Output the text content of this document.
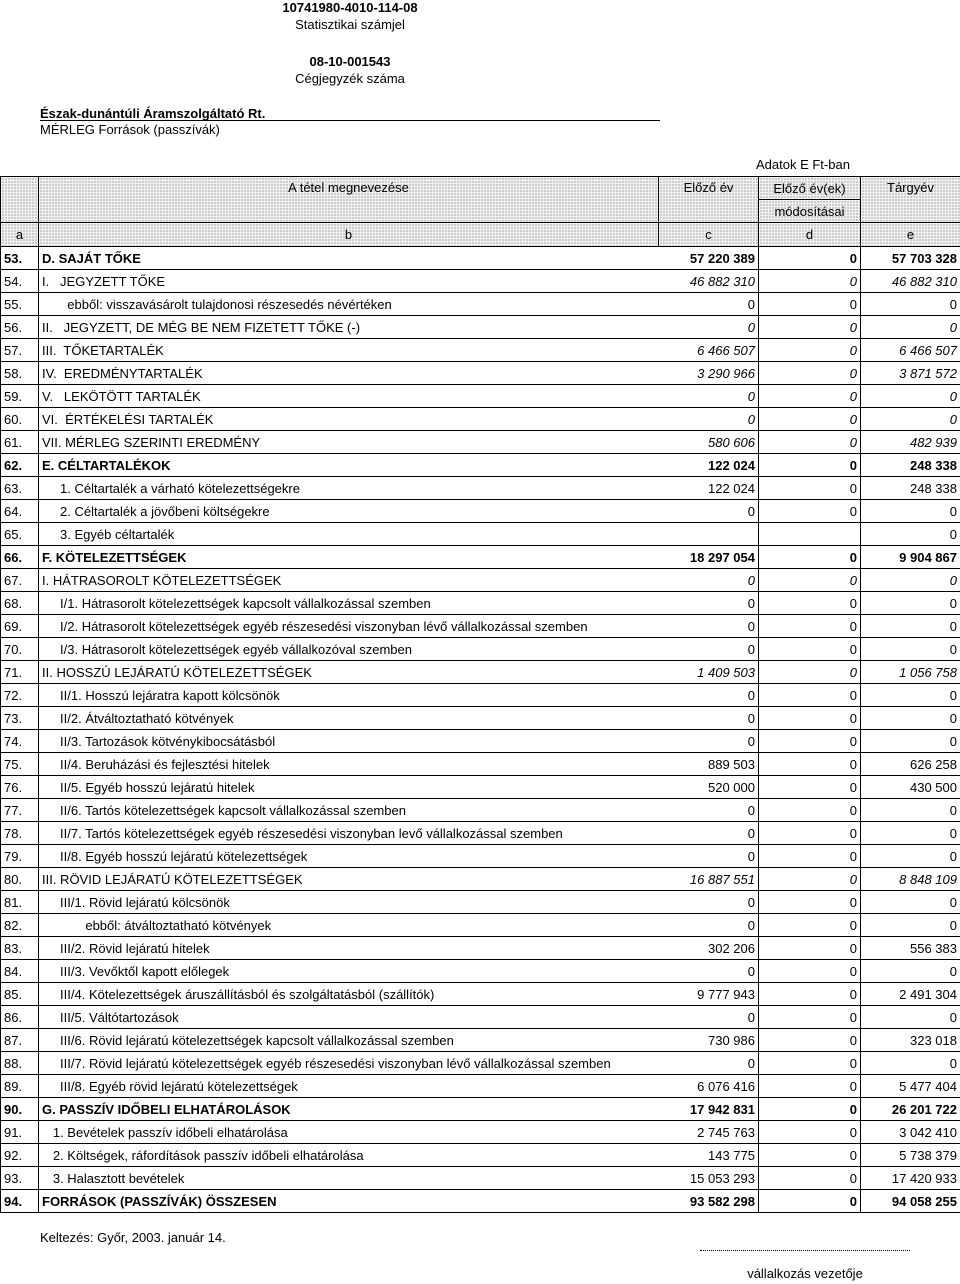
10741980-4010-114-08
Statisztikai számjel
08-10-001543
Cégjegyzék száma
Észak-dunántúli Áramszolgáltató Rt.
MÉRLEG Források (passzívák)
Adatok E Ft-ban
	A tétel megnevezése	Előző év	Előző év(ek)	Tárgyév
			módosításai	
a	b	c	d	e
53.	D. SAJÁT TŐKE	57 220 389	0	57 703 328
54.	I.   JEGYZETT TŐKE	46 882 310	0	46 882 310
55.	ebből: visszavásárolt tulajdonosi részesedés névértéken	0	0	0
56.	II.   JEGYZETT, DE MÉG BE NEM FIZETETT TŐKE (-)	0	0	0
57.	III.  TŐKETARTALÉK	6 466 507	0	6 466 507
58.	IV.  EREDMÉNYTARTALÉK	3 290 966	0	3 871 572
59.	V.   LEKÖTÖTT TARTALÉK	0	0	0
60.	VI.  ÉRTÉKELÉSI TARTALÉK	0	0	0
61.	VII. MÉRLEG SZERINTI EREDMÉNY	580 606	0	482 939
62.	E. CÉLTARTALÉKOK	122 024	0	248 338
63.	1. Céltartalék a várható kötelezettségekre	122 024	0	248 338
64.	2. Céltartalék a jövőbeni költségekre	0	0	0
65.	3. Egyéb céltartalék			0
66.	F. KÖTELEZETTSÉGEK	18 297 054	0	9 904 867
67.	I. HÁTRASOROLT KÖTELEZETTSÉGEK	0	0	0
68.	I/1. Hátrasorolt kötelezettségek kapcsolt vállalkozással szemben	0	0	0
69.	I/2. Hátrasorolt kötelezettségek egyéb részesedési viszonyban lévő vállalkozással szemben	0	0	0
70.	I/3. Hátrasorolt kötelezettségek egyéb vállalkozóval szemben	0	0	0
71.	II. HOSSZÚ LEJÁRATÚ KÖTELEZETTSÉGEK	1 409 503	0	1 056 758
72.	II/1. Hosszú lejáratra kapott kölcsönök	0	0	0
73.	II/2. Átváltoztatható kötvények	0	0	0
74.	II/3. Tartozások kötvénykibocsátásból	0	0	0
75.	II/4. Beruházási és fejlesztési hitelek	889 503	0	626 258
76.	II/5. Egyéb hosszú lejáratú hitelek	520 000	0	430 500
77.	II/6. Tartós kötelezettségek kapcsolt vállalkozással szemben	0	0	0
78.	II/7. Tartós kötelezettségek egyéb részesedési viszonyban levő vállalkozással szemben	0	0	0
79.	II/8. Egyéb hosszú lejáratú kötelezettségek	0	0	0
80.	III. RÖVID LEJÁRATÚ KÖTELEZETTSÉGEK	16 887 551	0	8 848 109
81.	III/1. Rövid lejáratú kölcsönök	0	0	0
82.	ebből: átváltoztatható kötvények	0	0	0
83.	III/2. Rövid lejáratú hitelek	302 206	0	556 383
84.	III/3. Vevőktől kapott előlegek	0	0	0
85.	III/4. Kötelezettségek áruszállításból és szolgáltatásból (szállítók)	9 777 943	0	2 491 304
86.	III/5. Váltótartozások	0	0	0
87.	III/6. Rövid lejáratú kötelezettségek kapcsolt vállalkozással szemben	730 986	0	323 018
88.	III/7. Rövid lejáratú kötelezettségek egyéb részesedési viszonyban lévő vállalkozással szemben	0	0	0
89.	III/8. Egyéb rövid lejáratú kötelezettségek	6 076 416	0	5 477 404
90.	G. PASSZÍV IDŐBELI ELHATÁROLÁSOK	17 942 831	0	26 201 722
91.	1. Bevételek passzív időbeli elhatárolása	2 745 763	0	3 042 410
92.	2. Költségek, ráfordítások passzív időbeli elhatárolása	143 775	0	5 738 379
93.	3. Halasztott bevételek	15 053 293	0	17 420 933
94.	FORRÁSOK (PASSZÍVÁK) ÖSSZESEN	93 582 298	0	94 058 255
Keltezés: Győr, 2003. január 14.
vállalkozás vezetője
